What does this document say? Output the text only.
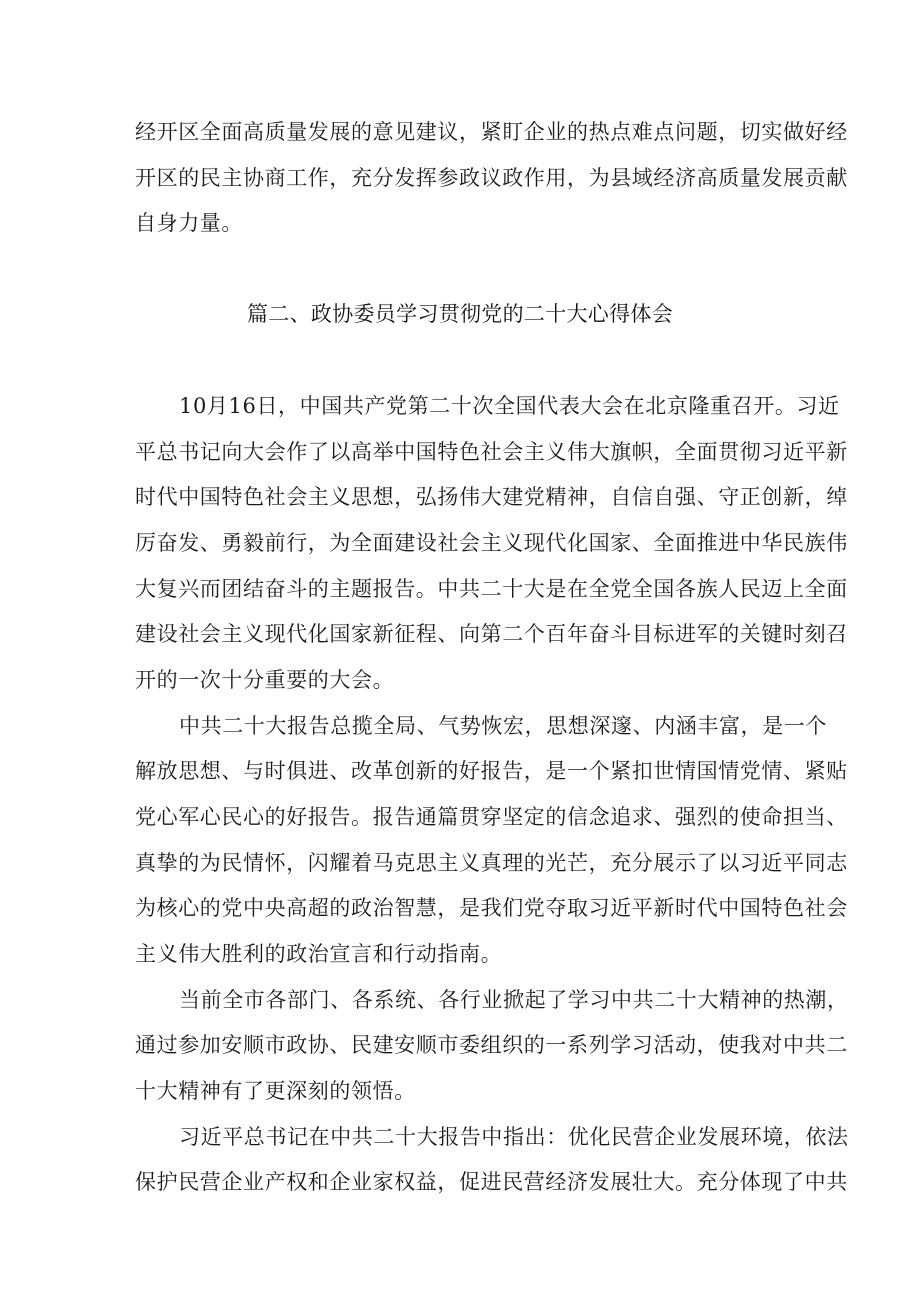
经开区全面高质量发展的意见建议，紧盯企业的热点难点问题，切实做好经
开区的民主协商工作，充分发挥参政议政作用，为县域经济高质量发展贡献
自身力量。
篇二、政协委员学习贯彻党的二十大心得体会
10月16日，中国共产党第二十次全国代表大会在北京隆重召开。习近
平总书记向大会作了以高举中国特色社会主义伟大旗帜，全面贯彻习近平新
时代中国特色社会主义思想，弘扬伟大建党精神，自信自强、守正创新，绰
厉奋发、勇毅前行，为全面建设社会主义现代化国家、全面推进中华民族伟
大复兴而团结奋斗的主题报告。中共二十大是在全党全国各族人民迈上全面
建设社会主义现代化国家新征程、向第二个百年奋斗目标进军的关键时刻召
开的一次十分重要的大会。
中共二十大报告总揽全局、气势恢宏，思想深邃、内涵丰富，是一个
解放思想、与时俱进、改革创新的好报告，是一个紧扣世情国情党情、紧贴
党心军心民心的好报告。报告通篇贯穿坚定的信念追求、强烈的使命担当、
真挚的为民情怀，闪耀着马克思主义真理的光芒，充分展示了以习近平同志
为核心的党中央高超的政治智慧，是我们党夺取习近平新时代中国特色社会
主义伟大胜利的政治宣言和行动指南。
当前全市各部门、各系统、各行业掀起了学习中共二十大精神的热潮，
通过参加安顺市政协、民建安顺市委组织的一系列学习活动，使我对中共二
十大精神有了更深刻的领悟。
习近平总书记在中共二十大报告中指出：优化民营企业发展环境，依法
保护民营企业产权和企业家权益，促进民营经济发展壮大。充分体现了中共
